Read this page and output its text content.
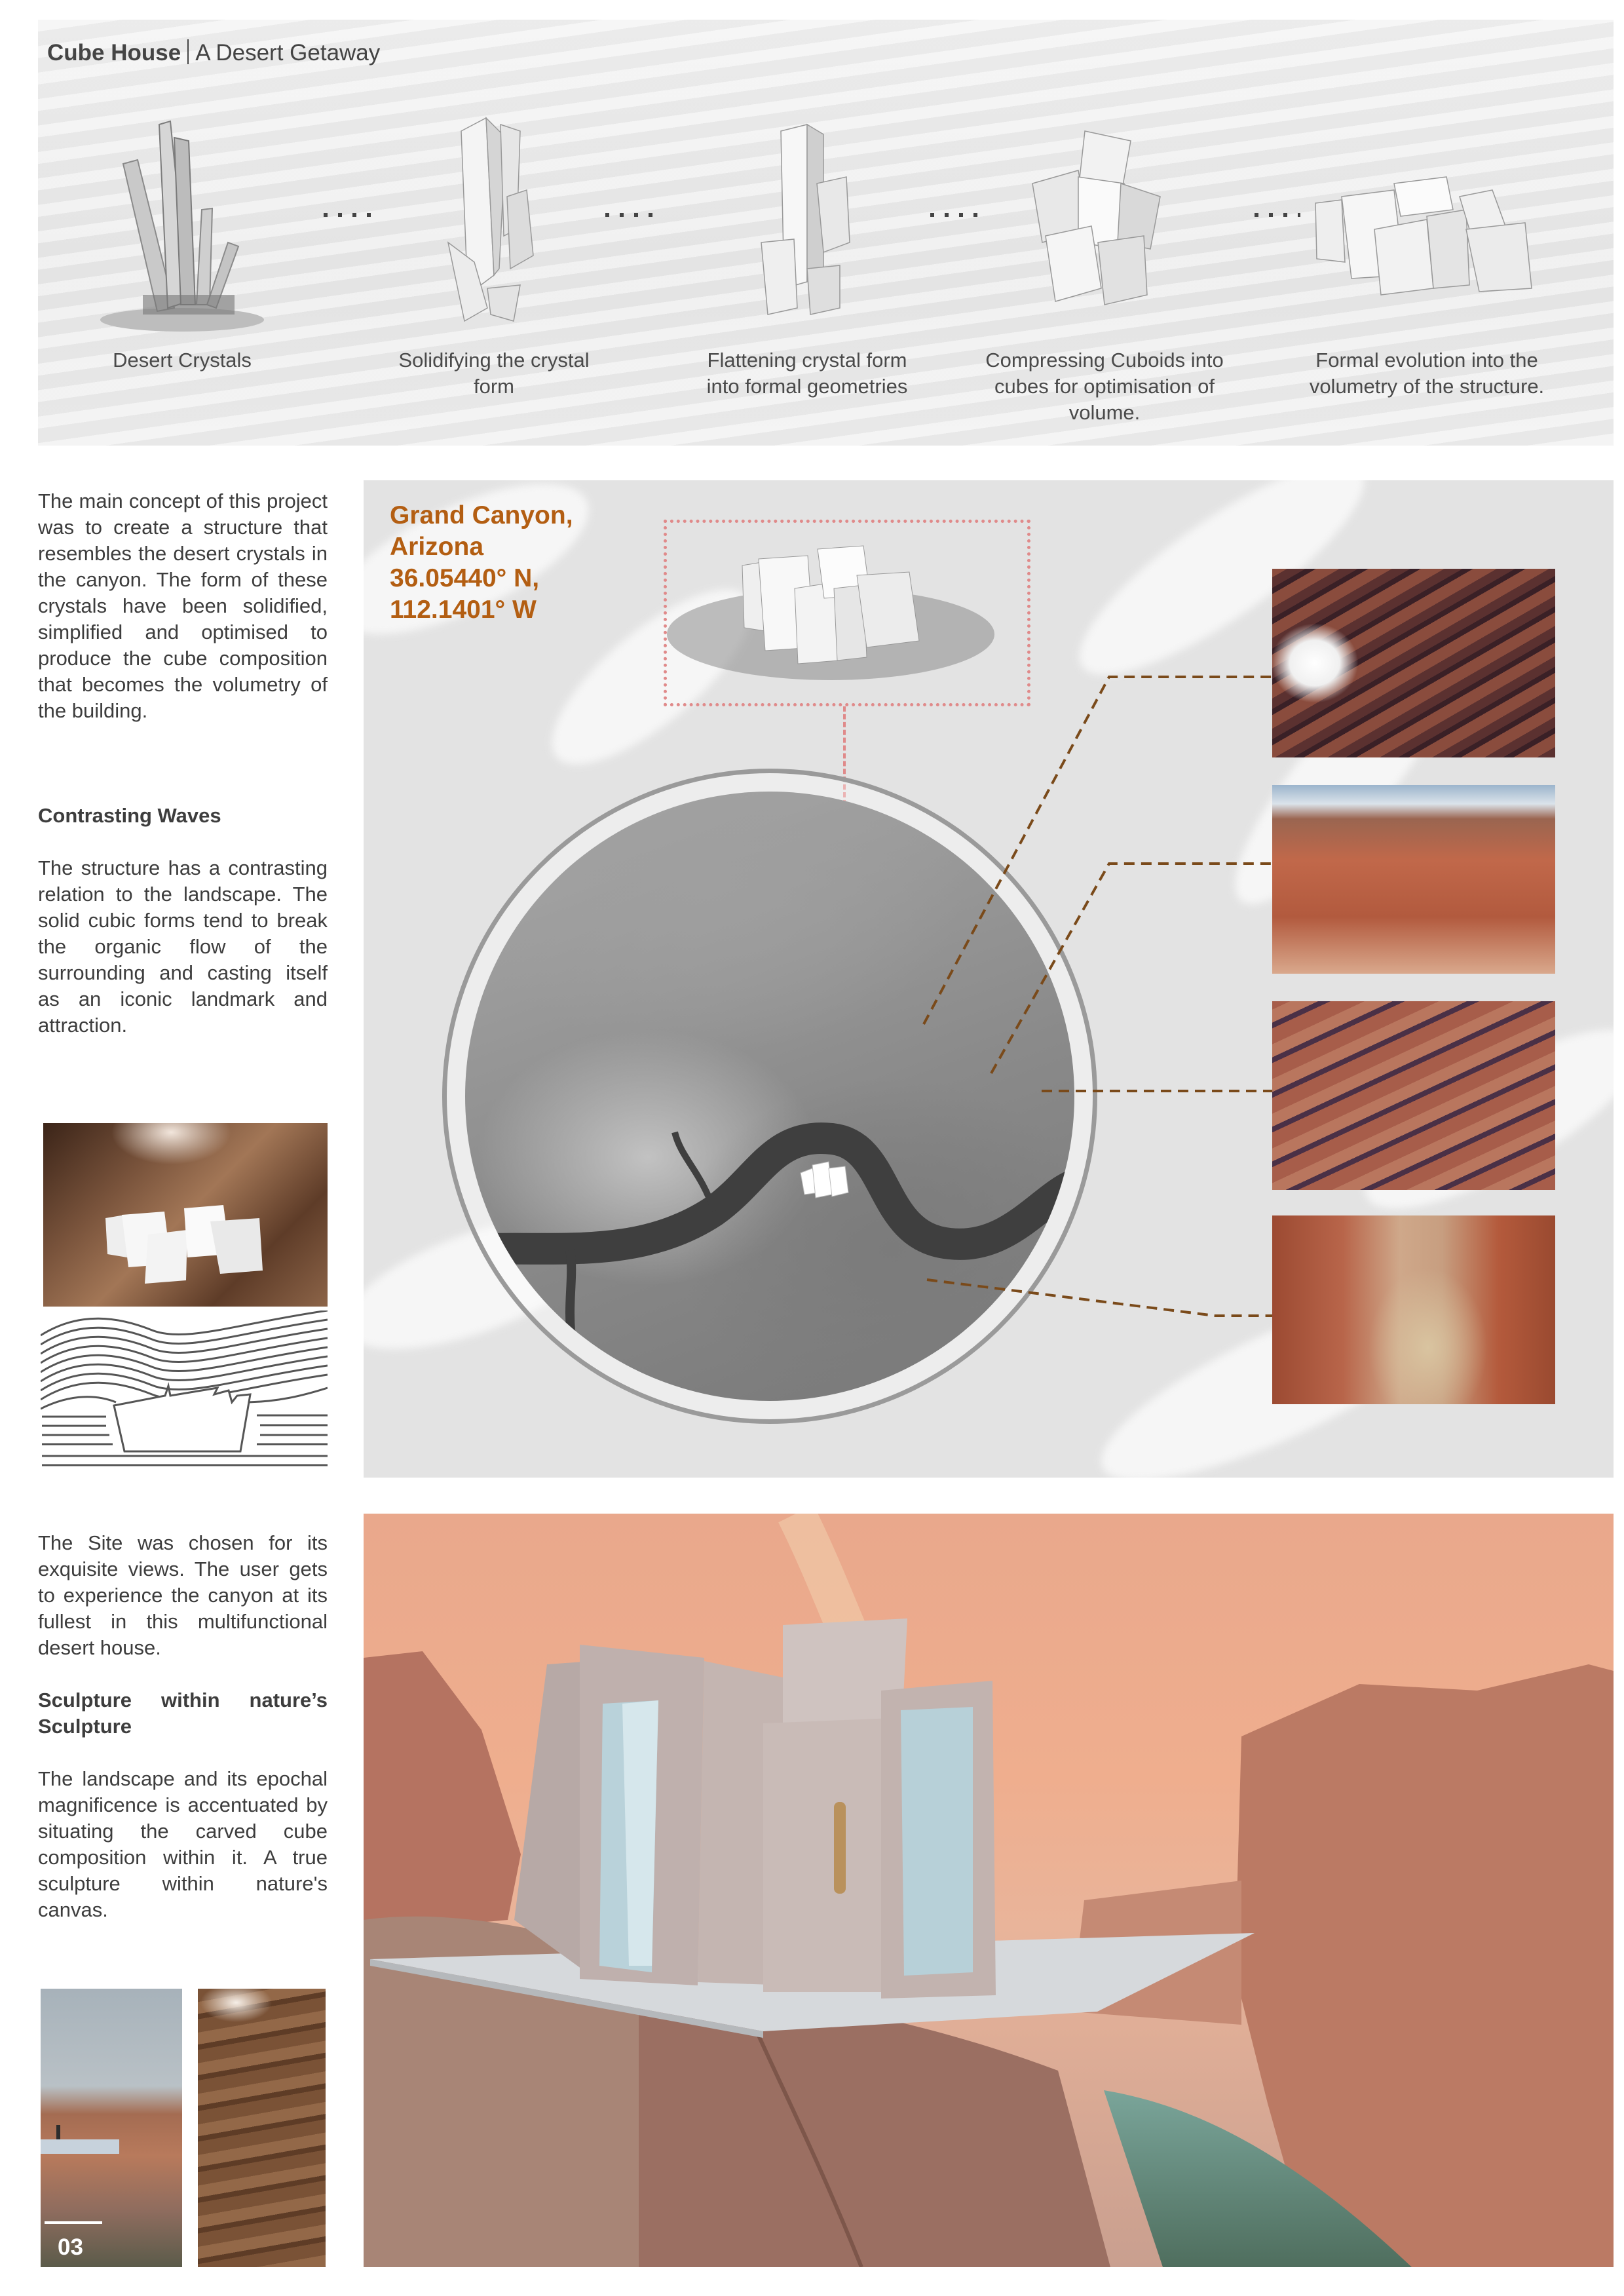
Cube House A Desert Getaway
Desert Crystals	Solidifying the crystal form
Flattening crystal form into formal geometries
Compressing Cuboids into cubes for optimisation of volume.
Formal evolution into the volumetry of the structure.
The main concept of this project was to create a structure that resembles the desert crystals in the canyon. The form of these crystals have been solidified, simplified and optimised to produce the cube composition that becomes the volumetry of the building.
Contrasting Waves
The structure has a contrasting relation to the landscape. The solid cubic forms tend to break the organic flow of the surrounding and casting itself as an iconic landmark and attraction.
Grand Canyon,
Arizona
36.05440° N,
112.1401° W
The Site was chosen for its exquisite views. The user gets to experience the canyon at its fullest in this multifunctional desert house.
Sculpture within nature’s Sculpture
The landscape and its epochal magnificence is accentuated by situating the carved cube composition within it. A true sculpture within nature's canvas.
03
